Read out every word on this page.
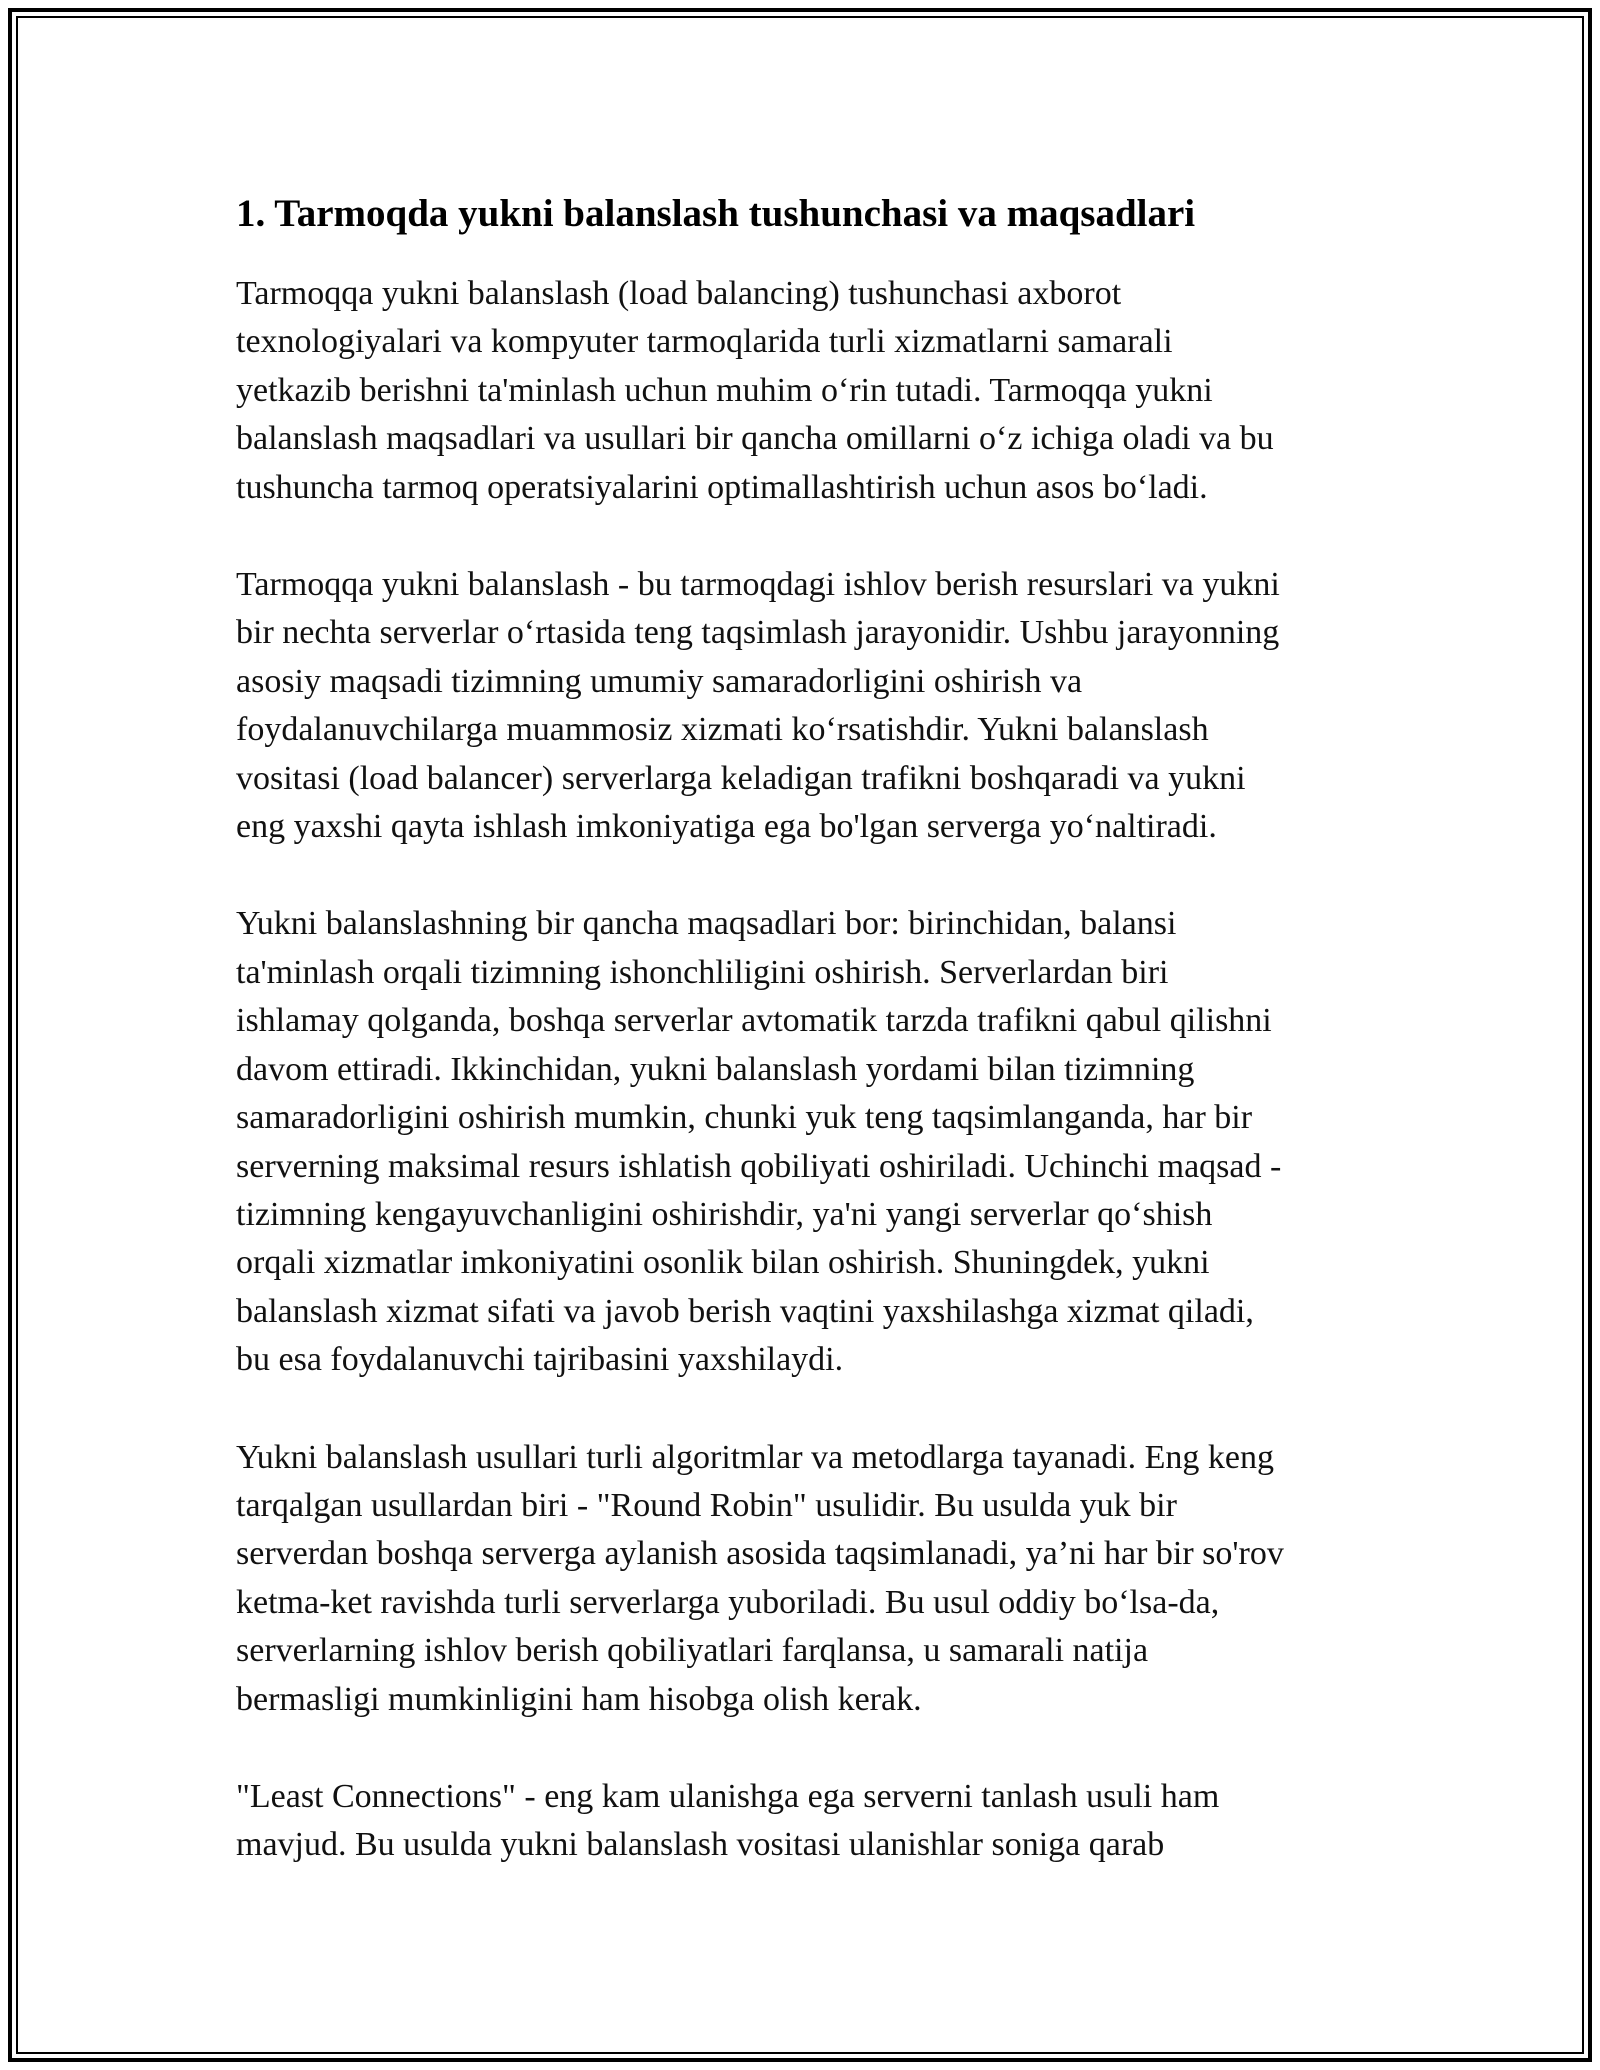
1. Tarmoqda yukni balanslash tushunchasi va maqsadlari

Tarmoqqa yukni balanslash (load balancing) tushunchasi axborot
texnologiyalari va kompyuter tarmoqlarida turli xizmatlarni samarali
yetkazib berishni ta'minlash uchun muhim o‘rin tutadi. Tarmoqqa yukni
balanslash maqsadlari va usullari bir qancha omillarni o‘z ichiga oladi va bu
tushuncha tarmoq operatsiyalarini optimallashtirish uchun asos bo‘ladi.

Tarmoqqa yukni balanslash - bu tarmoqdagi ishlov berish resurslari va yukni
bir nechta serverlar o‘rtasida teng taqsimlash jarayonidir. Ushbu jarayonning
asosiy maqsadi tizimning umumiy samaradorligini oshirish va
foydalanuvchilarga muammosiz xizmati ko‘rsatishdir. Yukni balanslash
vositasi (load balancer) serverlarga keladigan trafikni boshqaradi va yukni
eng yaxshi qayta ishlash imkoniyatiga ega bo'lgan serverga yo‘naltiradi.

Yukni balanslashning bir qancha maqsadlari bor: birinchidan, balansi
ta'minlash orqali tizimning ishonchliligini oshirish. Serverlardan biri
ishlamay qolganda, boshqa serverlar avtomatik tarzda trafikni qabul qilishni
davom ettiradi. Ikkinchidan, yukni balanslash yordami bilan tizimning
samaradorligini oshirish mumkin, chunki yuk teng taqsimlanganda, har bir
serverning maksimal resurs ishlatish qobiliyati oshiriladi. Uchinchi maqsad -
tizimning kengayuvchanligini oshirishdir, ya'ni yangi serverlar qo‘shish
orqali xizmatlar imkoniyatini osonlik bilan oshirish. Shuningdek, yukni
balanslash xizmat sifati va javob berish vaqtini yaxshilashga xizmat qiladi,
bu esa foydalanuvchi tajribasini yaxshilaydi.

Yukni balanslash usullari turli algoritmlar va metodlarga tayanadi. Eng keng
tarqalgan usullardan biri - "Round Robin" usulidir. Bu usulda yuk bir
serverdan boshqa serverga aylanish asosida taqsimlanadi, ya’ni har bir so'rov
ketma-ket ravishda turli serverlarga yuboriladi. Bu usul oddiy bo‘lsa-da,
serverlarning ishlov berish qobiliyatlari farqlansa, u samarali natija
bermasligi mumkinligini ham hisobga olish kerak.

"Least Connections" - eng kam ulanishga ega serverni tanlash usuli ham
mavjud. Bu usulda yukni balanslash vositasi ulanishlar soniga qarab
